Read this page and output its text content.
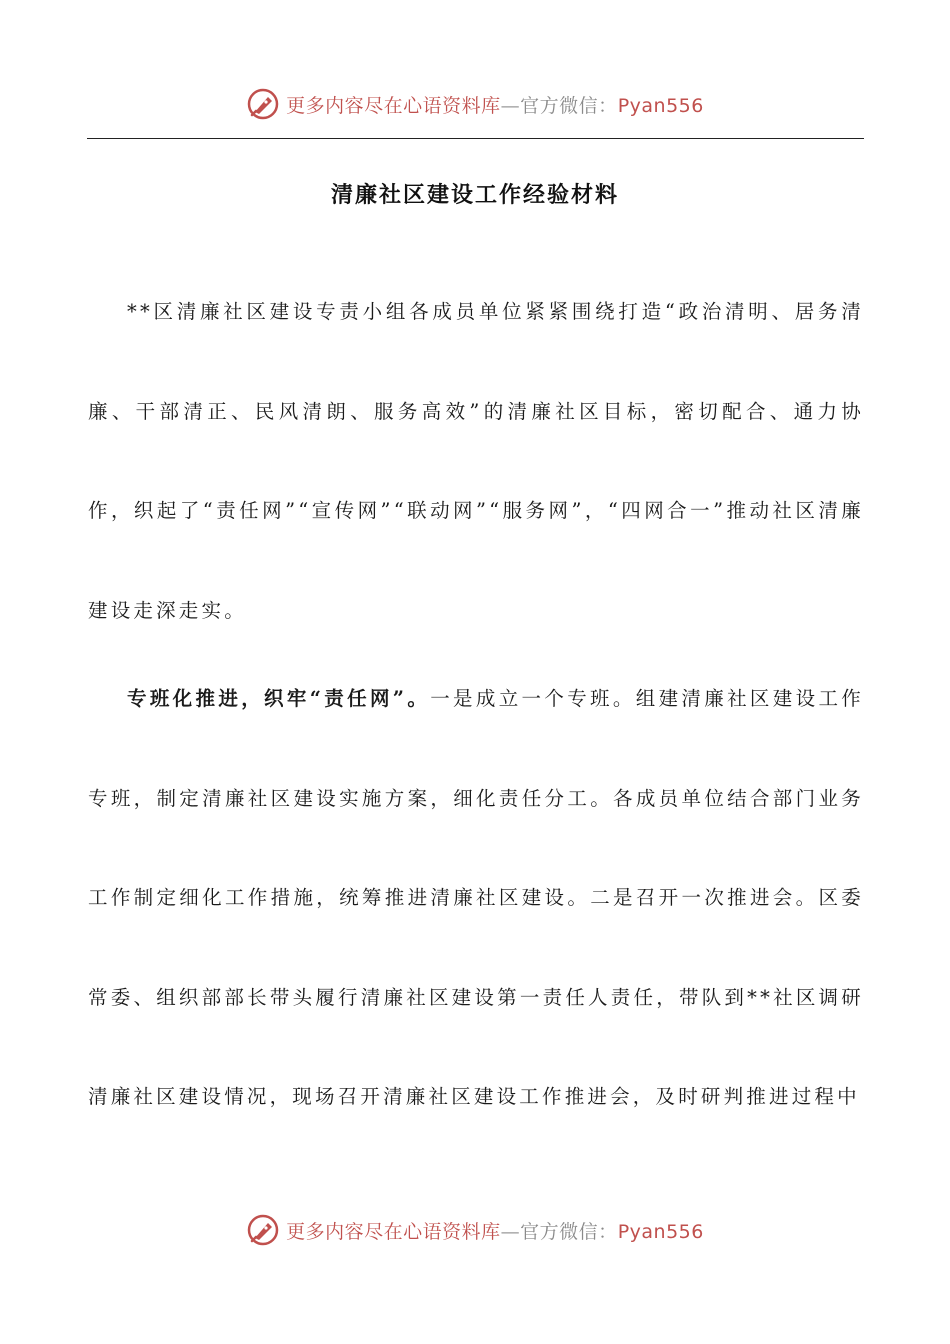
更多内容尽在心语资料库—官方微信：Pyan556
清廉社区建设工作经验材料

**区清廉社区建设专责小组各成员单位紧紧围绕打造“政治清明、居务清廉、干部清正、民风清朗、服务高效”的清廉社区目标，密切配合、通力协作，织起了“责任网”“宣传网”“联动网”“服务网”，“四网合一”推动社区清廉建设走深走实。

专班化推进，织牢“责任网”。一是成立一个专班。组建清廉社区建设工作专班，制定清廉社区建设实施方案，细化责任分工。各成员单位结合部门业务工作制定细化工作措施，统筹推进清廉社区建设。二是召开一次推进会。区委常委、组织部部长带头履行清廉社区建设第一责任人责任，带队到**社区调研清廉社区建设情况，现场召开清廉社区建设工作推进会，及时研判推进过程中

更多内容尽在心语资料库—官方微信：Pyan556
